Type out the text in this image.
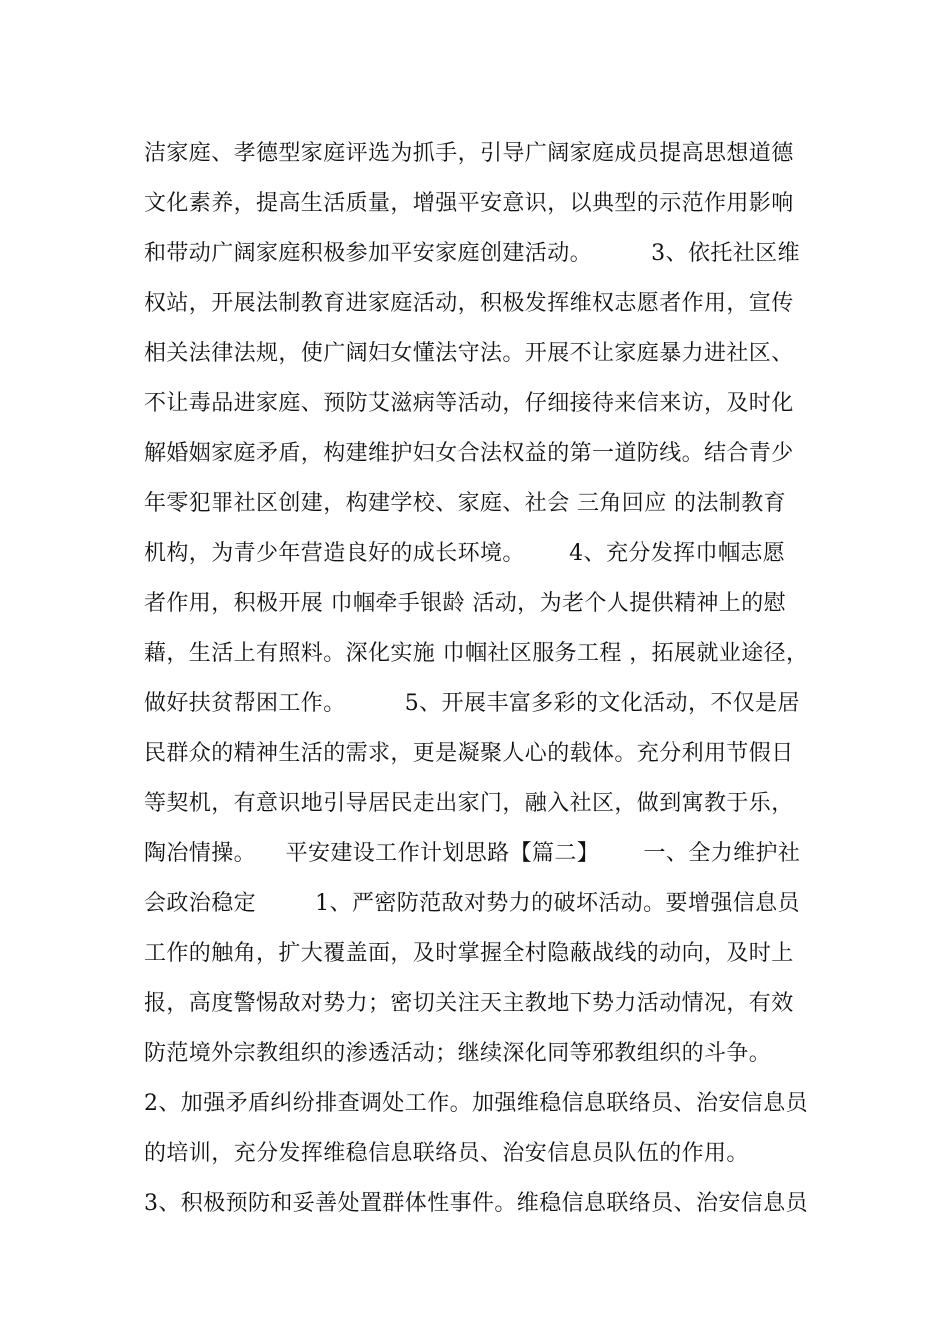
洁家庭、孝德型家庭评选为抓手，引导广阔家庭成员提高思想道德
文化素养，提高生活质量，增强平安意识，以典型的示范作用影响
和带动广阔家庭积极参加平安家庭创建活动。        3、依托社区维
权站，开展法制教育进家庭活动，积极发挥维权志愿者作用，宣传
相关法律法规，使广阔妇女懂法守法。开展不让家庭暴力进社区、
不让毒品进家庭、预防艾滋病等活动，仔细接待来信来访，及时化
解婚姻家庭矛盾，构建维护妇女合法权益的第一道防线。结合青少
年零犯罪社区创建，构建学校、家庭、社会 三角回应 的法制教育
机构，为青少年营造良好的成长环境。      4、充分发挥巾帼志愿
者作用，积极开展 巾帼牵手银龄 活动，为老个人提供精神上的慰
藉，生活上有照料。深化实施 巾帼社区服务工程 ，拓展就业途径，
做好扶贫帮困工作。        5、开展丰富多彩的文化活动，不仅是居
民群众的精神生活的需求，更是凝聚人心的载体。充分利用节假日
等契机，有意识地引导居民走出家门，融入社区，做到寓教于乐，
陶冶情操。    平安建设工作计划思路【篇二】      一、全力维护社
会政治稳定        1、严密防范敌对势力的破坏活动。要增强信息员
工作的触角，扩大覆盖面，及时掌握全村隐蔽战线的动向，及时上
报，高度警惕敌对势力；密切关注天主教地下势力活动情况，有效
防范境外宗教组织的渗透活动；继续深化同等邪教组织的斗争。
2、加强矛盾纠纷排查调处工作。加强维稳信息联络员、治安信息员
的培训，充分发挥维稳信息联络员、治安信息员队伍的作用。
3、积极预防和妥善处置群体性事件。维稳信息联络员、治安信息员
